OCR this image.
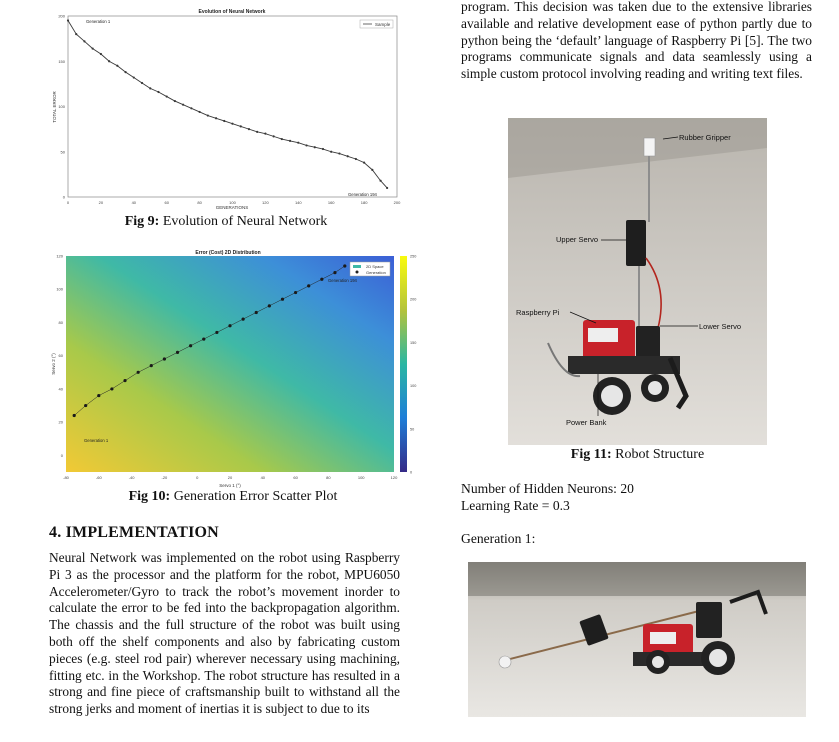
Evolution of Neural Network
0	20	40	60	80	100	120	140	160	180	200
0
50
100
150
200
Sample
Generation 1
Generation 194
GENERATIONS
TOTAL ERROR
Fig 9: Evolution of Neural Network
Error (Cost) 2D Distribution
-80	-60	-40	-20	0	20	40	60	80	100	120
0
20
40
60
80
100
120
0
50
100
150
200
250
2D Space
Generation
Generation 1
Generation 194
Servo 1 (°)
Servo 2 (°)
Fig 10: Generation Error Scatter Plot
4. IMPLEMENTATION
Neural Network was implemented on the robot using Raspberry Pi 3 as the processor and the platform for the robot, MPU6050 Accelerometer/Gyro to track the robot’s movement inorder to calculate the error to be fed into the backpropagation algorithm. The chassis and the full structure of the robot was built using both off the shelf components and also by fabricating custom pieces (e.g. steel rod pair) wherever necessary using machining, fitting etc. in the Workshop. The robot structure has resulted in a strong and fine piece of craftsmanship built to withstand all the strong jerks and moment of inertias it is subject to due to its
program. This decision was taken due to the extensive libraries available and relative development ease of python partly due to python being the ‘default’ language of Raspberry Pi [5]. The two programs communicate signals and data seamlessly using a simple custom protocol involving reading and writing text files.
Rubber Gripper
Upper Servo
Raspberry Pi
Lower Servo
Power Bank
Fig 11: Robot Structure
Number of Hidden Neurons: 20
Learning Rate = 0.3
Generation 1:
